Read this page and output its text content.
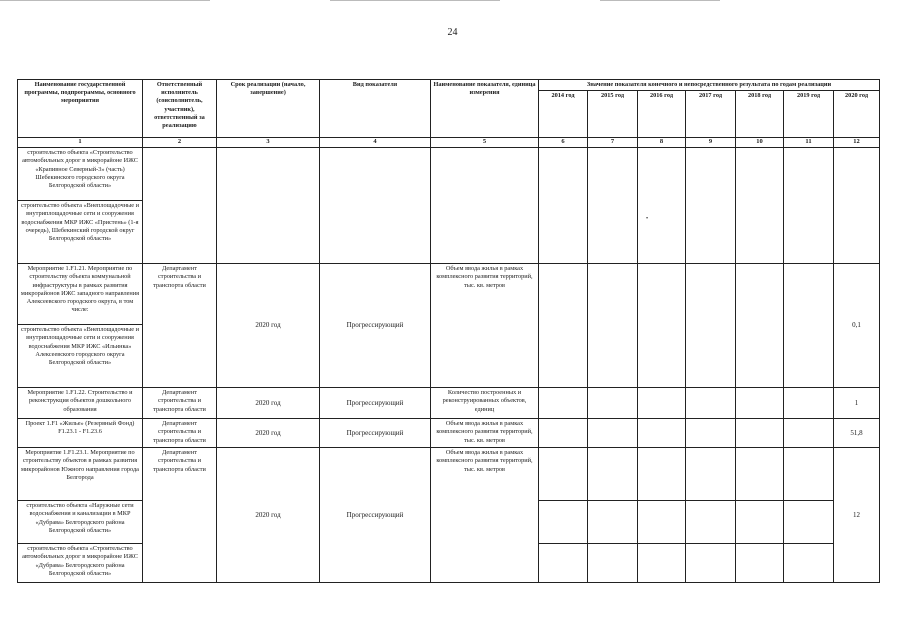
24
Наименование государственной программы, подпрограммы, основного мероприятия	Ответственный исполнитель (соисполнитель, участник), ответственный за реализацию	Срок реализации (начало, завершение)	Вид показателя	Наименование показателя, единица измерения	Значение показателя конечного и непосредственного результата по годам реализации						
					2014 год	2015 год	2016 год	2017 год	2018 год	2019 год	2020 год
1	2	3	4	5	6	7	8	9	10	11	12
строительство объекта «Строительство автомобильных дорог в микрорайоне ИЖС «Крапивное Северный-3» (часть) Шебекинского городского округа Белгородской области»											
строительство объекта «Внеплощадочные и внутриплощадочные сети и сооружения водоснабжения МКР ИЖС «Пристень» (1-я очередь), Шебекинский городской округ Белгородской области»											
Мероприятие 1.F1.21. Мероприятие по строительству объекта коммунальной инфраструктуры в рамках развития микрорайонов ИЖС западного направления Алексеевского городского округа, в том числе:	Департамент строительства и транспорта области	2020 год	Прогрессирующий	Объем ввода жилья в рамках комплексного развития территорий, тыс. кв. метров							0,1
строительство объекта «Внеплощадочные и внутриплощадочные сети и сооружения водоснабжения МКР ИЖС «Ильинка» Алексеевского городского округа Белгородской области»											
Мероприятие 1.F1.22. Строительство и реконструкция объектов дошкольного образования	Департамент строительства и транспорта области	2020 год	Прогрессирующий	Количество построенных и реконструированных объектов, единиц							1
Проект 1.F1 «Жилье» (Резервный Фонд) F1.23.1 - F1.23.6	Департамент строительства и транспорта области	2020 год	Прогрессирующий	Объем ввода жилья в рамках комплексного развития территорий, тыс. кв. метров							51,8
Мероприятие 1.F1.23.1. Мероприятие по строительству объектов в рамках развития микрорайонов Южного направления города Белгорода	Департамент строительства и транспорта области	2020 год	Прогрессирующий	Объем ввода жилья в рамках комплексного развития территорий, тыс. кв. метров							12
строительство объекта «Наружные сети водоснабжения и канализации в МКР «Дубрава» Белгородского района Белгородской области»											
строительство объекта «Строительство автомобильных дорог в микрорайоне ИЖС «Дубрава» Белгородского района Белгородской области»											
•
